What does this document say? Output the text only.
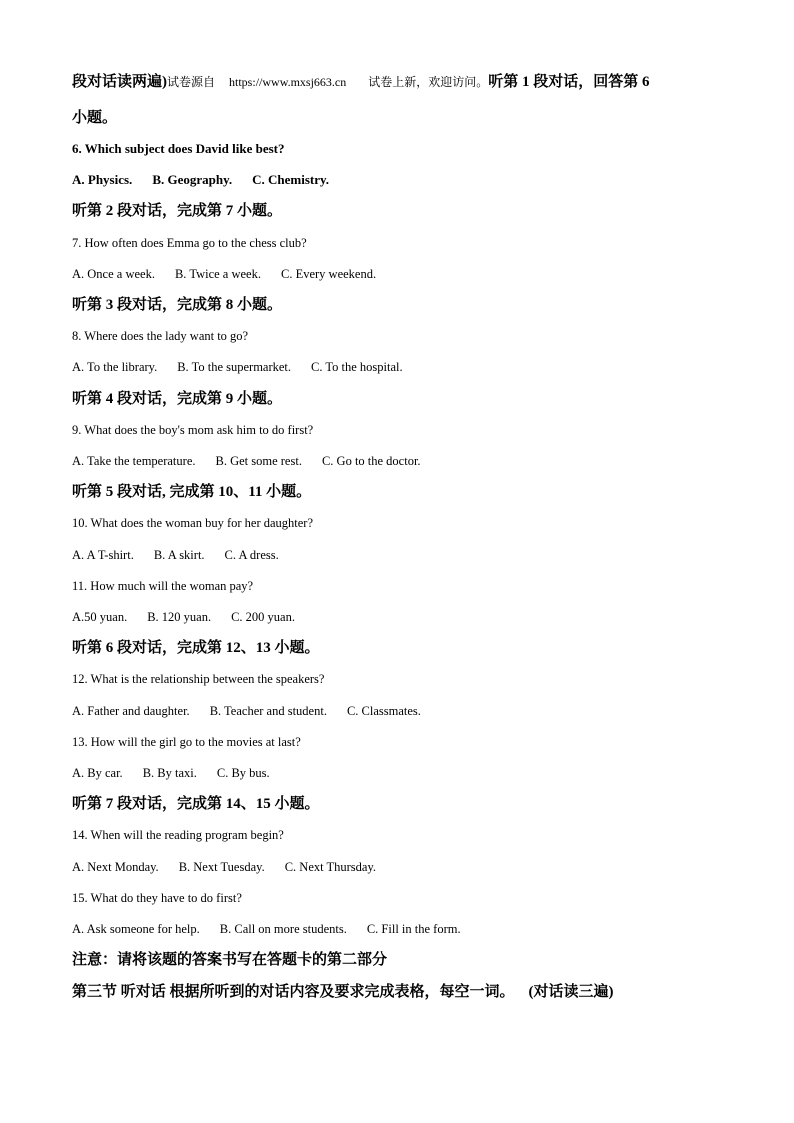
段对话读两遍)试卷源自 https://www.mxsj663.cn 试卷上新，欢迎访问。听第 1 段对话，回答第 6
小题。
6. Which subject does David like best?
A. Physics. B. Geography. C. Chemistry.
听第 2 段对话，完成第 7 小题。
7. How often does Emma go to the chess club?
A. Once a week. B. Twice a week. C. Every weekend.
听第 3 段对话，完成第 8 小题。
8. Where does the lady want to go?
A. To the library. B. To the supermarket. C. To the hospital.
听第 4 段对话，完成第 9 小题。
9. What does the boy's mom ask him to do first?
A. Take the temperature. B. Get some rest. C. Go to the doctor.
听第 5 段对话, 完成第 10、11 小题。
10. What does the woman buy for her daughter?
A. A T-shirt. B. A skirt. C. A dress.
11. How much will the woman pay?
A.50 yuan. B. 120 yuan. C. 200 yuan.
听第 6 段对话，完成第 12、13 小题。
12. What is the relationship between the speakers?
A. Father and daughter. B. Teacher and student. C. Classmates.
13. How will the girl go to the movies at last?
A. By car. B. By taxi. C. By bus.
听第 7 段对话，完成第 14、15 小题。
14. When will the reading program begin?
A. Next Monday. B. Next Tuesday. C. Next Thursday.
15. What do they have to do first?
A. Ask someone for help. B. Call on more students. C. Fill in the form.
注意：请将该题的答案书写在答题卡的第二部分
第三节 听对话 根据所听到的对话内容及要求完成表格，每空一词。 (对话读三遍)
